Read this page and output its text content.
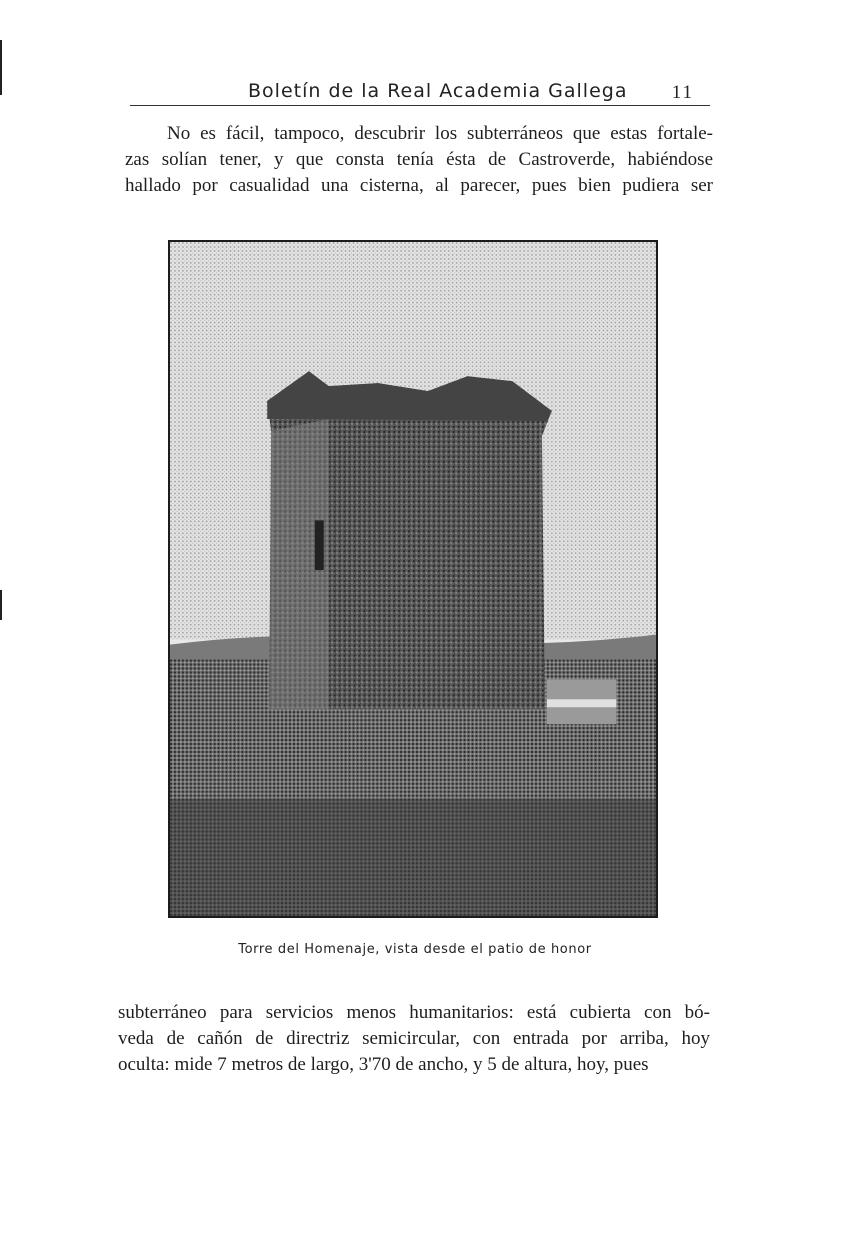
Boletín de la Real Academia Gallega 11

No es fácil, tampoco, descubrir los subterráneos que estas fortale-
zas solían tener, y que consta tenía ésta de Castroverde, habiéndose
hallado por casualidad una cisterna, al parecer, pues bien pudiera ser

Torre del Homenaje, vista desde el patio de honor

subterráneo para servicios menos humanitarios: está cubierta con bó-
veda de cañón de directriz semicircular, con entrada por arriba, hoy
oculta: mide 7 metros de largo, 3'70 de ancho, y 5 de altura, hoy, pues
